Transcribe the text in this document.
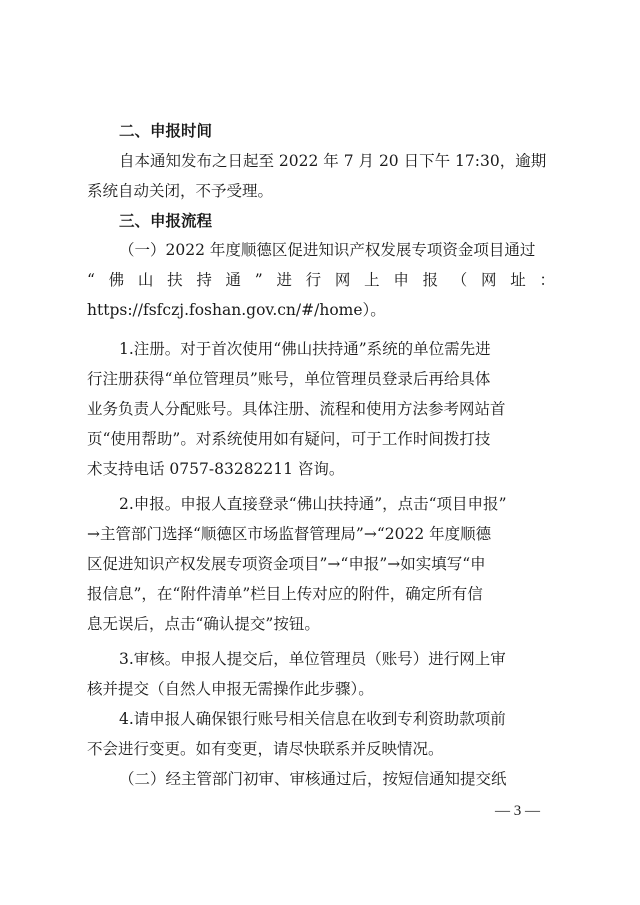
二、申报时间
自本通知发布之日起至 2022 年 7 月 20 日下午 17:30，逾期
系统自动关闭，不予受理。
三、申报流程
（一）2022 年度顺德区促进知识产权发展专项资金项目通过
“佛山扶持通”进行网上申报（网址：
https://fsfczj.foshan.gov.cn/#/home）。
1.注册。对于首次使用“佛山扶持通”系统的单位需先进
行注册获得“单位管理员”账号，单位管理员登录后再给具体
业务负责人分配账号。具体注册、流程和使用方法参考网站首
页“使用帮助”。对系统使用如有疑问，可于工作时间拨打技
术支持电话 0757-83282211 咨询。
2.申报。申报人直接登录“佛山扶持通”，点击“项目申报”
→主管部门选择“顺德区市场监督管理局”→“2022 年度顺德
区促进知识产权发展专项资金项目”→“申报”→如实填写“申
报信息”，在“附件清单”栏目上传对应的附件，确定所有信
息无误后，点击“确认提交”按钮。
3.审核。申报人提交后，单位管理员（账号）进行网上审
核并提交（自然人申报无需操作此步骤）。
4.请申报人确保银行账号相关信息在收到专利资助款项前
不会进行变更。如有变更，请尽快联系并反映情况。
（二）经主管部门初审、审核通过后，按短信通知提交纸
— 3 —
